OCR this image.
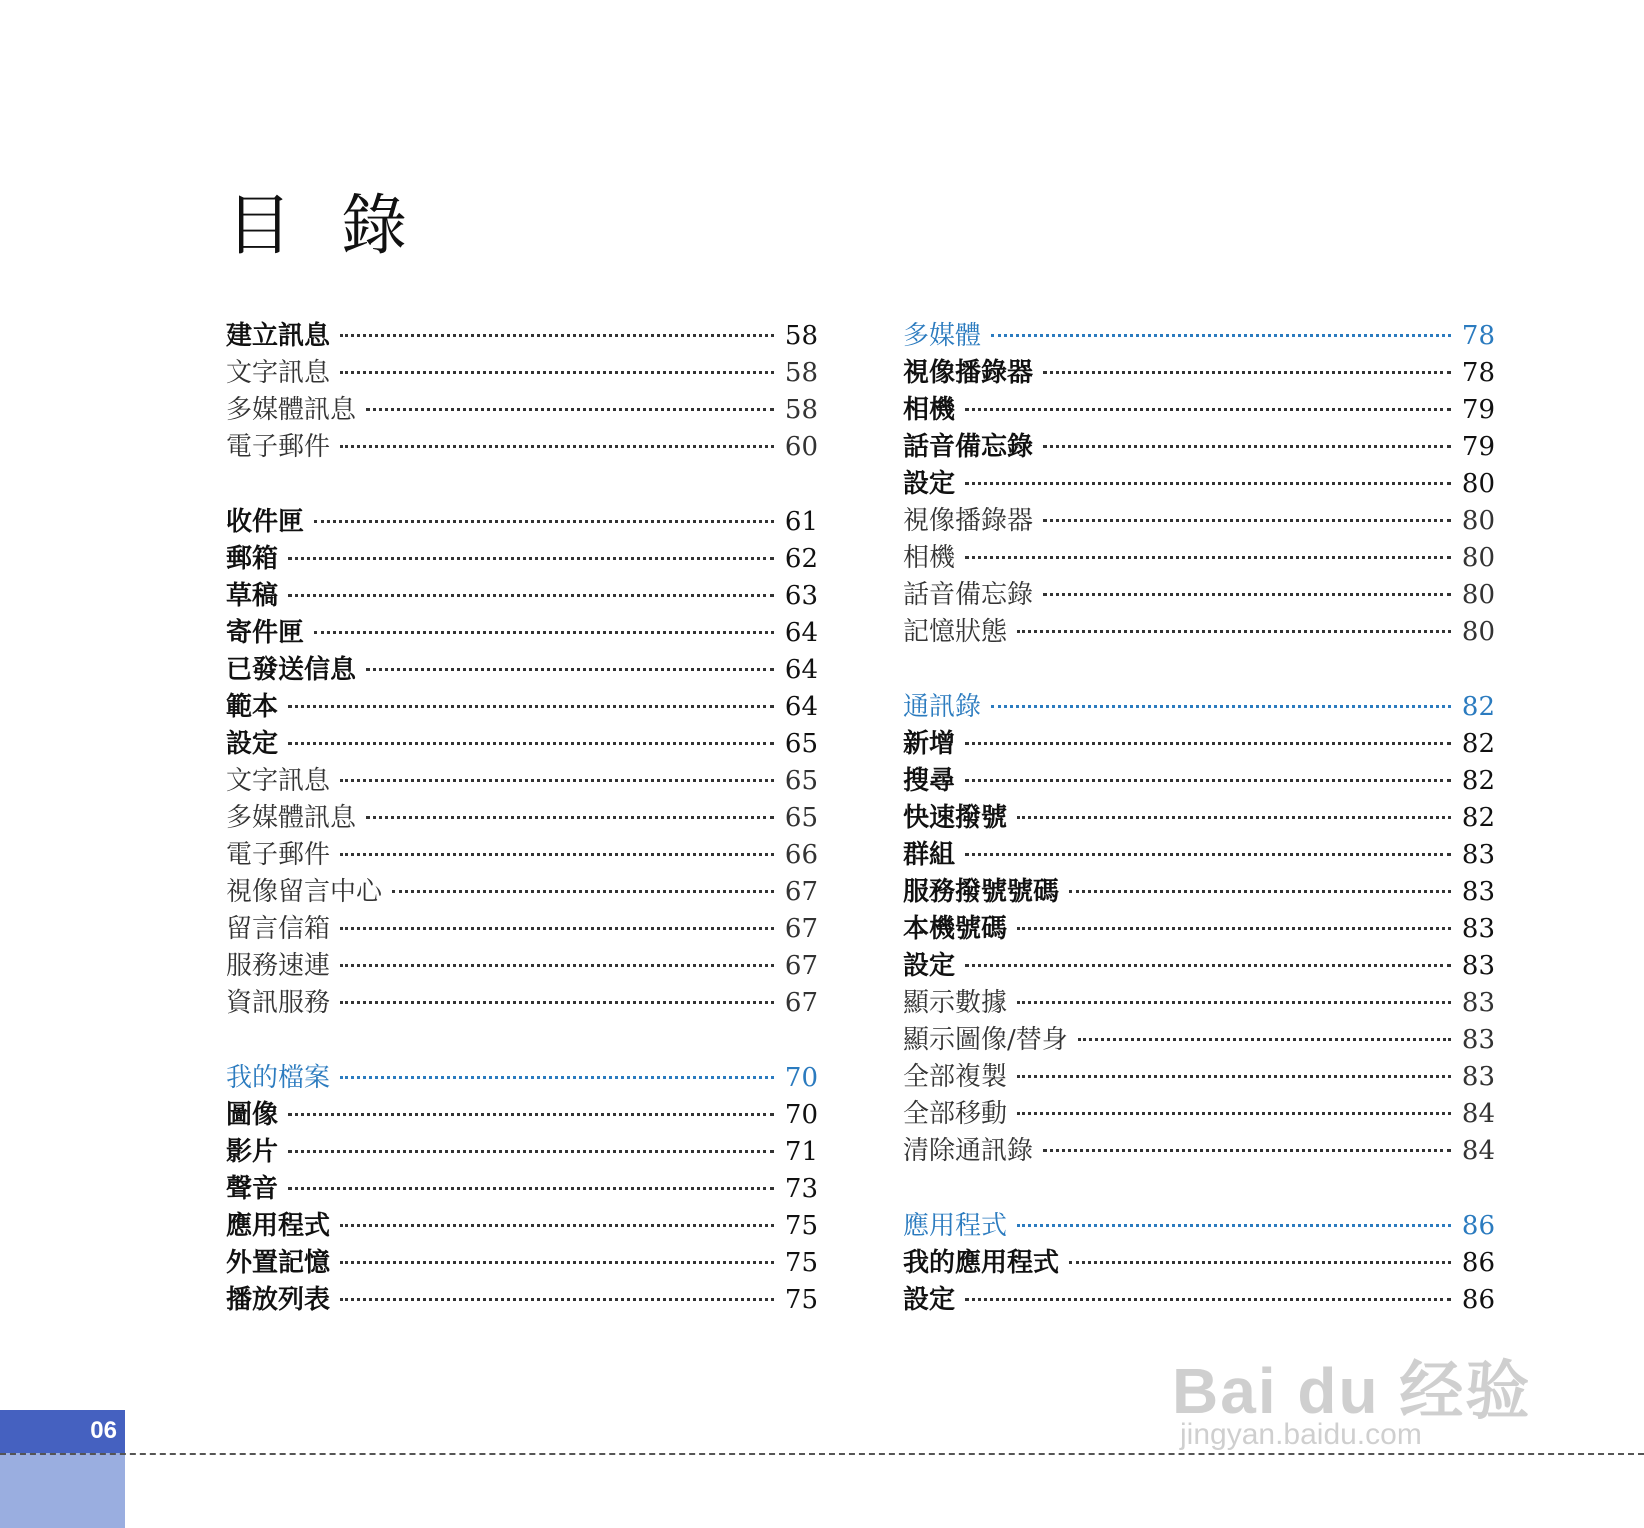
目 錄
建立訊息	58
文字訊息	58
多媒體訊息	58
電子郵件	60
收件匣	61
郵箱	62
草稿	63
寄件匣	64
已發送信息	64
範本	64
設定	65
文字訊息	65
多媒體訊息	65
電子郵件	66
視像留言中心	67
留言信箱	67
服務速連	67
資訊服務	67
我的檔案	70
圖像	70
影片	71
聲音	73
應用程式	75
外置記憶	75
播放列表	75
多媒體	78
視像播錄器	78
相機	79
話音備忘錄	79
設定	80
視像播錄器	80
相機	80
話音備忘錄	80
記憶狀態	80
通訊錄	82
新增	82
搜尋	82
快速撥號	82
群組	83
服務撥號號碼	83
本機號碼	83
設定	83
顯示數據	83
顯示圖像/替身	83
全部複製	83
全部移動	84
清除通訊錄	84
應用程式	86
我的應用程式	86
設定	86
06
Bai du 经验
jingyan.baidu.com
